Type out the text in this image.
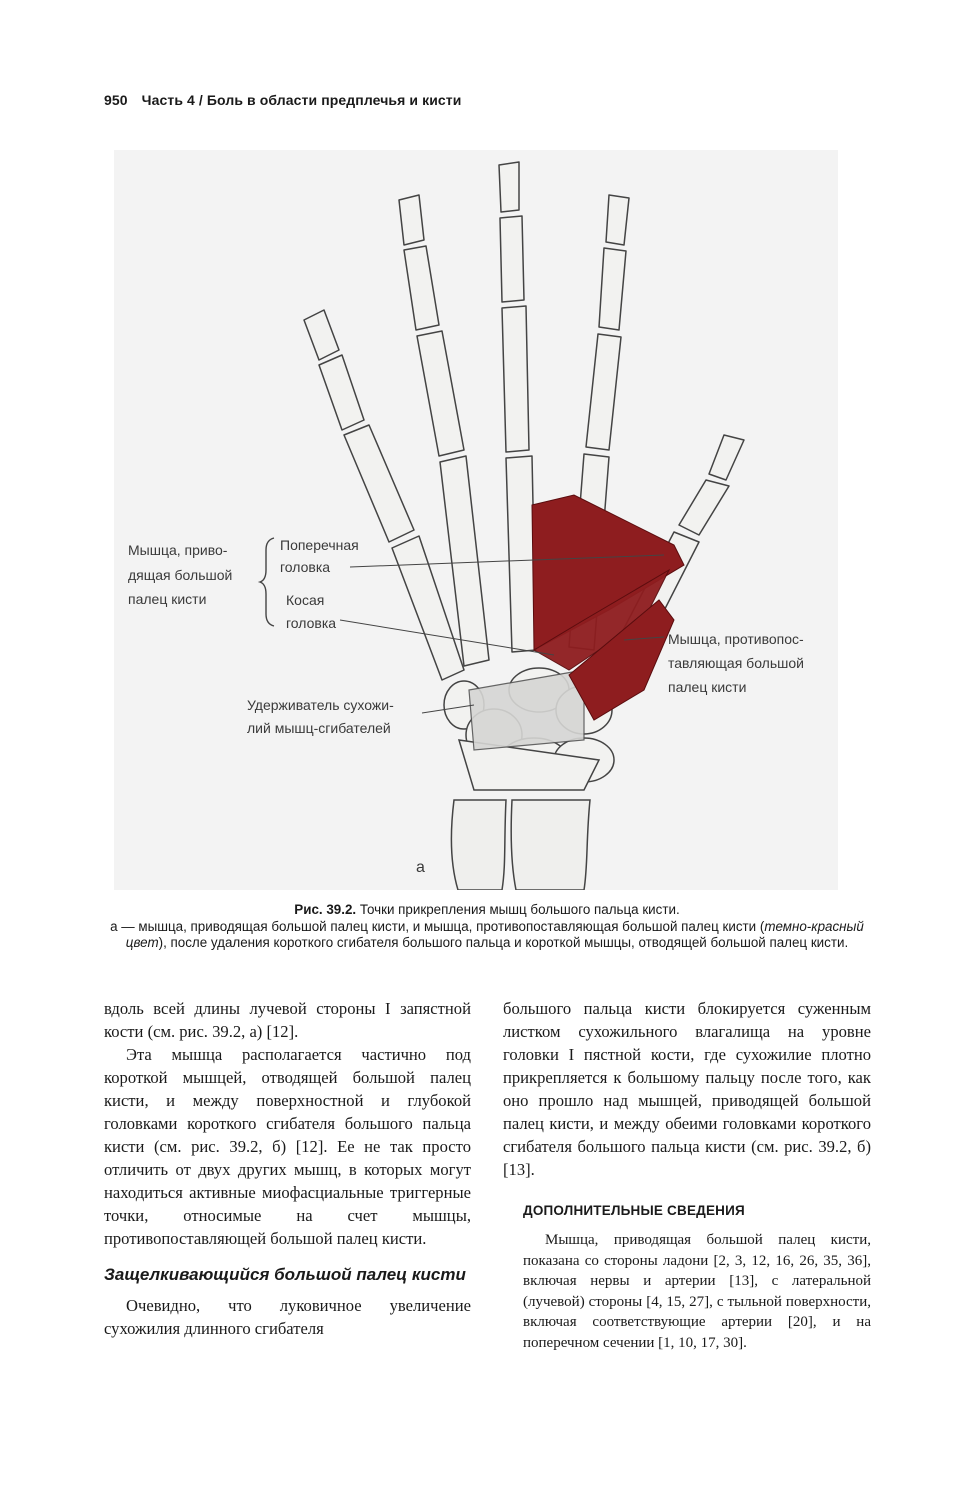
950 Часть 4 / Боль в области предплечья и кисти
Мышца, приво-
дящая большой
палец кисти
Поперечная
головка
Косая
головка
Мышца, противопос-
тавляющая большой
палец кисти
Удерживатель сухожи-
лий мышц-сгибателей
а
Рис. 39.2. Точки прикрепления мышц большого пальца кисти.
а — мышца, приводящая большой палец кисти, и мышца, противопоставляющая большой палец кисти (темно-красный цвет), после удаления короткого сгибателя большого пальца и короткой мышцы, отводящей большой палец кисти.

вдоль всей длины лучевой стороны I запястной кости (см. рис. 39.2, а) [12].

Эта мышца располагается частично под короткой мышцей, отводящей большой палец кисти, и между поверхностной и глубокой головками короткого сгибателя большого пальца кисти (см. рис. 39.2, б) [12]. Ее не так просто отличить от двух других мышц, в которых могут находиться активные миофасциальные триггерные точки, относимые на счет мышцы, противопоставляющей большой палец кисти.

Защелкивающийся большой палец кисти

Очевидно, что луковичное увеличение сухожилия длинного сгибателя

большого пальца кисти блокируется суженным листком сухожильного влагалища на уровне головки I пястной кости, где сухожилие плотно прикрепляется к большому пальцу после того, как оно прошло над мышцей, приводящей большой палец кисти, и между обеими головками короткого сгибателя большого пальца кисти (см. рис. 39.2, б) [13].

ДОПОЛНИТЕЛЬНЫЕ СВЕДЕНИЯ

Мышца, приводящая большой палец кисти, показана со стороны ладони [2, 3, 12, 16, 26, 35, 36], включая нервы и артерии [13], с латеральной (лучевой) стороны [4, 15, 27], с тыльной поверхности, включая соответствующие артерии [20], и на поперечном сечении [1, 10, 17, 30].
